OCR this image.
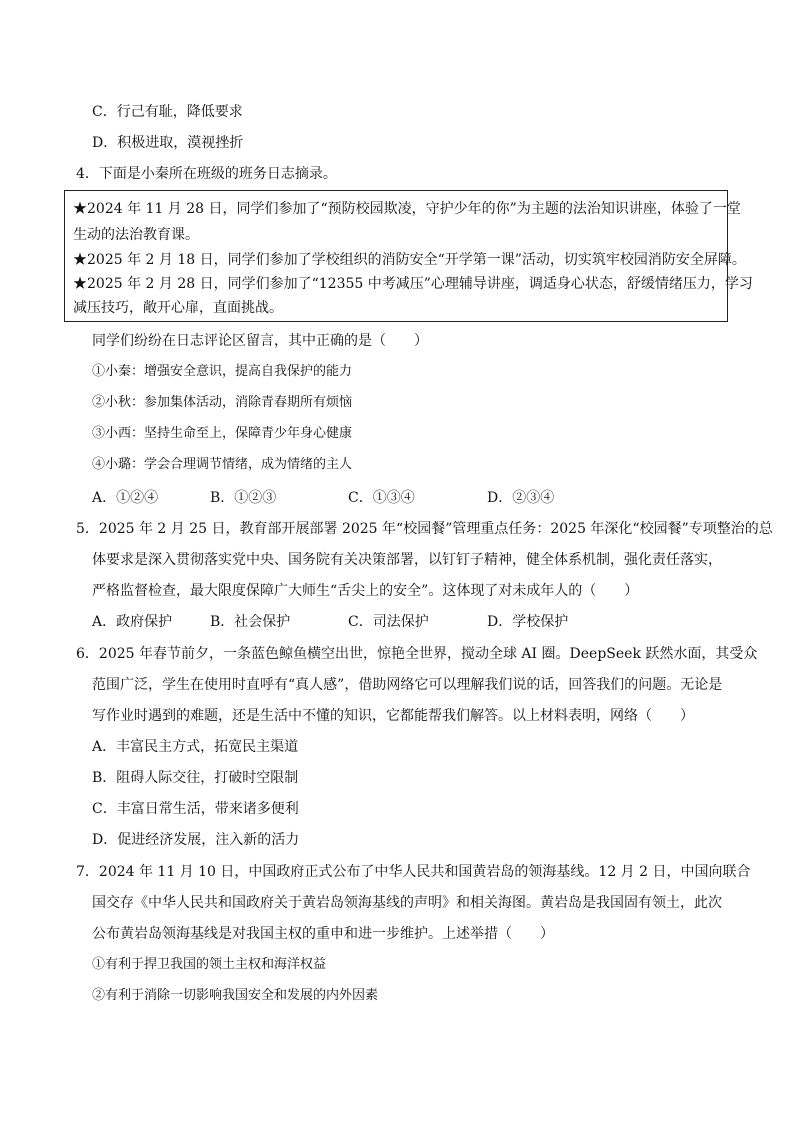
C．行己有耻，降低要求
D．积极进取，漠视挫折
4．下面是小秦所在班级的班务日志摘录。
★2024 年 11 月 28 日，同学们参加了“预防校园欺凌，守护少年的你”为主题的法治知识讲座，体验了一堂
生动的法治教育课。
★2025 年 2 月 18 日，同学们参加了学校组织的消防安全“开学第一课”活动，切实筑牢校园消防安全屏障。
★2025 年 2 月 28 日，同学们参加了“12355 中考减压”心理辅导讲座，调适身心状态，舒缓情绪压力，学习
减压技巧，敞开心扉，直面挑战。
同学们纷纷在日志评论区留言，其中正确的是（　　）
①小秦：增强安全意识，提高自我保护的能力
②小秋：参加集体活动，消除青春期所有烦恼
③小西：坚持生命至上，保障青少年身心健康
④小璐：学会合理调节情绪，成为情绪的主人
A．①②④	B．①②③	C．①③④	D．②③④
5．2025 年 2 月 25 日，教育部开展部署 2025 年“校园餐”管理重点任务：2025 年深化“校园餐”专项整治的总
体要求是深入贯彻落实党中央、国务院有关决策部署，以钉钉子精神，健全体系机制，强化责任落实，
严格监督检查，最大限度保障广大师生“舌尖上的安全”。这体现了对未成年人的（　　）
A．政府保护	B．社会保护	C．司法保护	D．学校保护
6．2025 年春节前夕，一条蓝色鲸鱼横空出世，惊艳全世界，搅动全球 AI 圈。DeepSeek 跃然水面，其受众
范围广泛，学生在使用时直呼有“真人感”，借助网络它可以理解我们说的话，回答我们的问题。无论是
写作业时遇到的难题，还是生活中不懂的知识，它都能帮我们解答。以上材料表明，网络（　　）
A．丰富民主方式，拓宽民主渠道
B．阻碍人际交往，打破时空限制
C．丰富日常生活，带来诸多便利
D．促进经济发展，注入新的活力
7．2024 年 11 月 10 日，中国政府正式公布了中华人民共和国黄岩岛的领海基线。12 月 2 日，中国向联合
国交存《中华人民共和国政府关于黄岩岛领海基线的声明》和相关海图。黄岩岛是我国固有领土，此次
公布黄岩岛领海基线是对我国主权的重申和进一步维护。上述举措（　　）
①有利于捍卫我国的领土主权和海洋权益
②有利于消除一切影响我国安全和发展的内外因素
